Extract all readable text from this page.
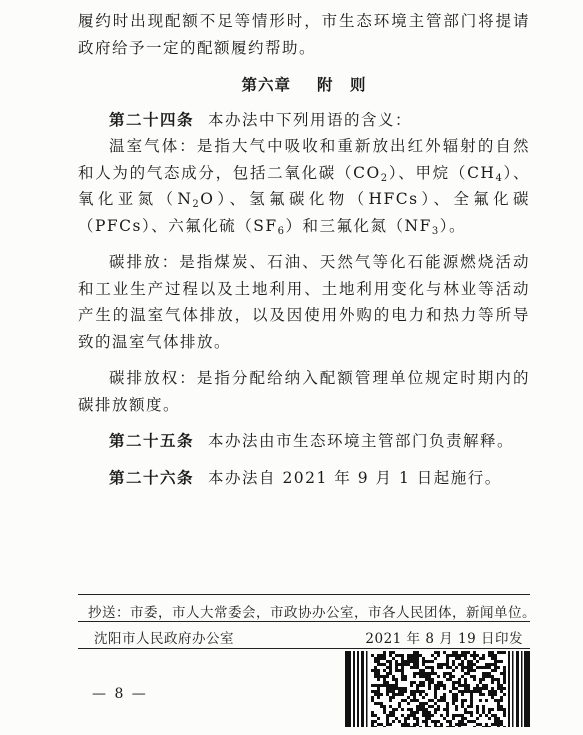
履约时出现配额不足等情形时，市生态环境主管部门将提请政府给予一定的配额履约帮助。

第六章 附　则

第二十四条 本办法中下列用语的含义：

温室气体：是指大气中吸收和重新放出红外辐射的自然和人为的气态成分，包括二氧化碳$(CO_2)$、甲烷$(CH_4)$、氧化亚氮$(N_2O)$、氢氟碳化物（HFCs）、全氟化碳（PFCs）、六氟化硫$(SF_6)$和三氟化氮$(NF_3)$。

碳排放：是指煤炭、石油、天然气等化石能源燃烧活动和工业生产过程以及土地利用、土地利用变化与林业等活动产生的温室气体排放，以及因使用外购的电力和热力等所导致的温室气体排放。

碳排放权：是指分配给纳入配额管理单位规定时期内的碳排放额度。

第二十五条 本办法由市生态环境主管部门负责解释。

第二十六条 本办法自 2021 年 9 月 1 日起施行。

抄送：市委，市人大常委会，市政协办公室，市各人民团体，新闻单位。
沈阳市人民政府办公室	2021 年 8 月 19 日印发
— 8 —
